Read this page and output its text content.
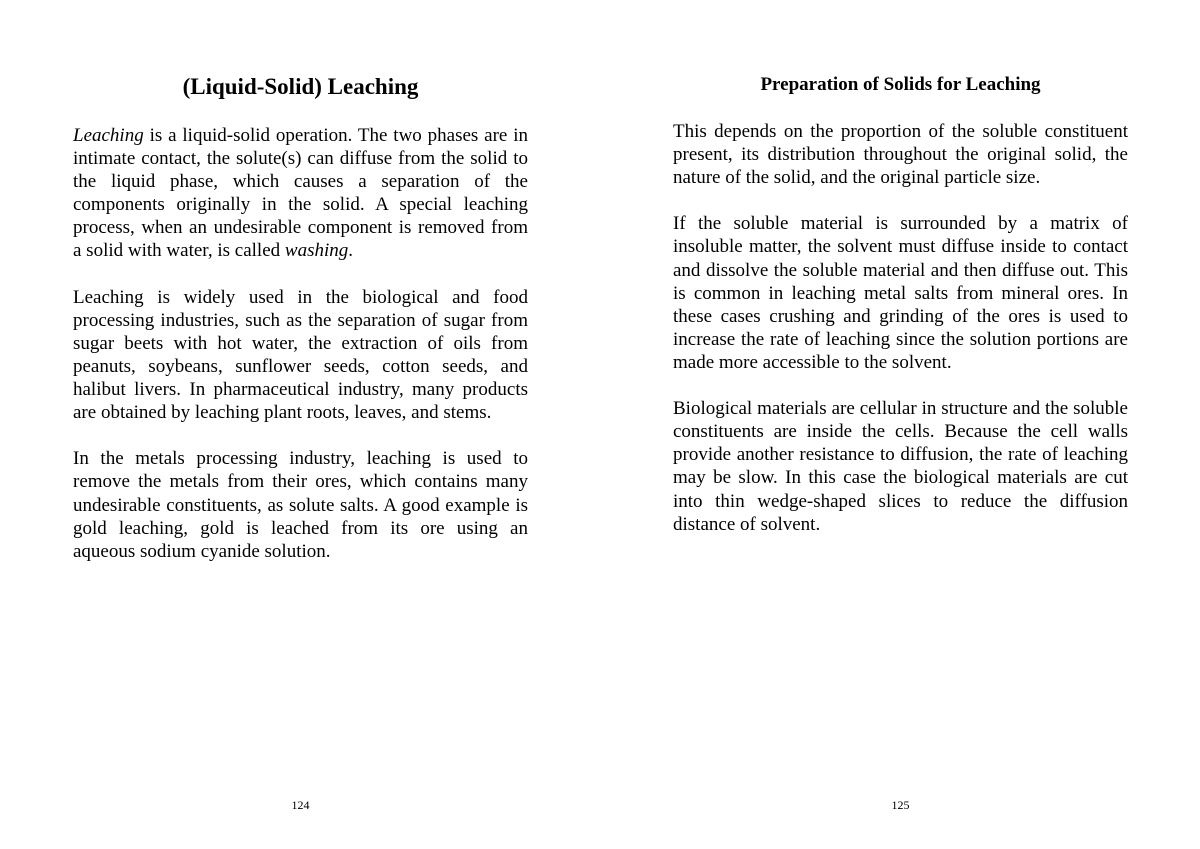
(Liquid-Solid) Leaching

Leaching is a liquid-solid operation. The two phases are in intimate contact, the solute(s) can diffuse from the solid to the liquid phase, which causes a separation of the components originally in the solid. A special leaching process, when an undesirable component is removed from a solid with water, is called washing.

Leaching is widely used in the biological and food processing industries, such as the separation of sugar from sugar beets with hot water, the extraction of oils from peanuts, soybeans, sunflower seeds, cotton seeds, and halibut livers. In pharmaceutical industry, many products are obtained by leaching plant roots, leaves, and stems.

In the metals processing industry, leaching is used to remove the metals from their ores, which contains many undesirable constituents, as solute salts. A good example is gold leaching, gold is leached from its ore using an aqueous sodium cyanide solution.

124
Preparation of Solids for Leaching

This depends on the proportion of the soluble constituent present, its distribution throughout the original solid, the nature of the solid, and the original particle size.

If the soluble material is surrounded by a matrix of insoluble matter, the solvent must diffuse inside to contact and dissolve the soluble material and then diffuse out. This is common in leaching metal salts from mineral ores. In these cases crushing and grinding of the ores is used to increase the rate of leaching since the solution portions are made more accessible to the solvent.

Biological materials are cellular in structure and the soluble constituents are inside the cells. Because the cell walls provide another resistance to diffusion, the rate of leaching may be slow. In this case the biological materials are cut into thin wedge-shaped slices to reduce the diffusion distance of solvent.

125
